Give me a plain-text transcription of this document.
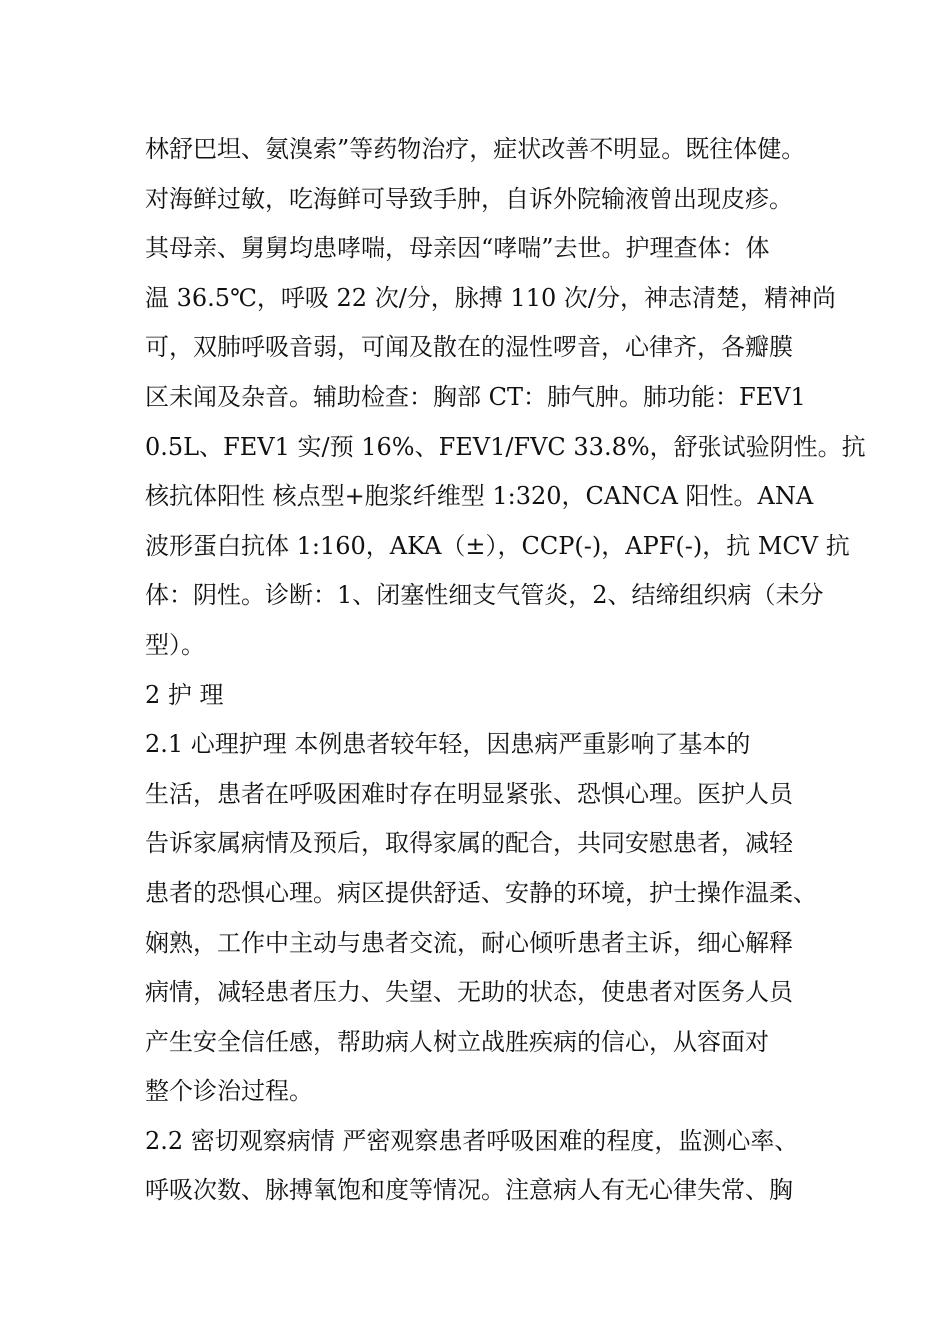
林舒巴坦、氨溴索”等药物治疗，症状改善不明显。既往体健。
对海鲜过敏，吃海鲜可导致手肿，自诉外院输液曾出现皮疹。
其母亲、舅舅均患哮喘，母亲因“哮喘”去世。护理查体：体
温 36.5℃，呼吸 22 次/分，脉搏 110 次/分，神志清楚，精神尚
可，双肺呼吸音弱，可闻及散在的湿性啰音，心律齐，各瓣膜
区未闻及杂音。辅助检查：胸部 CT：肺气肿。肺功能：FEV1
0.5L、FEV1 实/预 16%、FEV1/FVC 33.8%，舒张试验阴性。抗
核抗体阳性 核点型+胞浆纤维型 1:320，CANCA 阳性。ANA
波形蛋白抗体 1:160，AKA（±），CCP(-)，APF(-)，抗 MCV 抗
体：阴性。诊断：1、闭塞性细支气管炎，2、结缔组织病（未分
型）。
2 护 理
2.1 心理护理 本例患者较年轻，因患病严重影响了基本的
生活，患者在呼吸困难时存在明显紧张、恐惧心理。医护人员
告诉家属病情及预后，取得家属的配合，共同安慰患者，减轻
患者的恐惧心理。病区提供舒适、安静的环境，护士操作温柔、
娴熟，工作中主动与患者交流，耐心倾听患者主诉，细心解释
病情，减轻患者压力、失望、无助的状态，使患者对医务人员
产生安全信任感，帮助病人树立战胜疾病的信心，从容面对
整个诊治过程。
2.2 密切观察病情 严密观察患者呼吸困难的程度，监测心率、
呼吸次数、脉搏氧饱和度等情况。注意病人有无心律失常、胸
